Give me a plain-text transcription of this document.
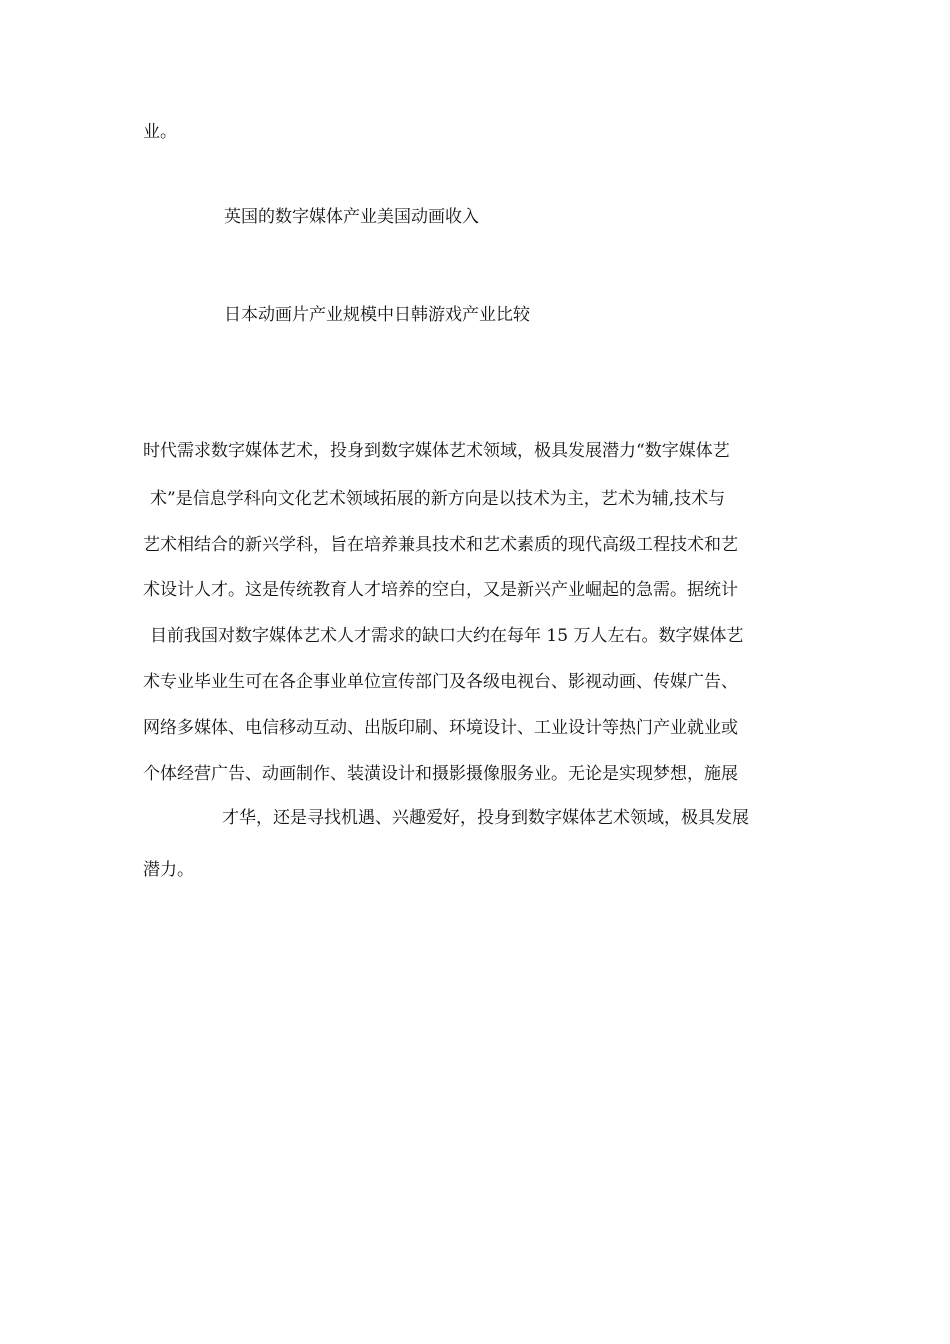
业。
英国的数字媒体产业美国动画收入
日本动画片产业规模中日韩游戏产业比较
时代需求数字媒体艺术，投身到数字媒体艺术领域，极具发展潜力“数字媒体艺
术”是信息学科向文化艺术领域拓展的新方向是以技术为主，艺术为辅,技术与
艺术相结合的新兴学科，旨在培养兼具技术和艺术素质的现代高级工程技术和艺
术设计人才。这是传统教育人才培养的空白，又是新兴产业崛起的急需。据统计
目前我国对数字媒体艺术人才需求的缺口大约在每年 15 万人左右。数字媒体艺
术专业毕业生可在各企事业单位宣传部门及各级电视台、影视动画、传媒广告、
网络多媒体、电信移动互动、出版印刷、环境设计、工业设计等热门产业就业或
个体经营广告、动画制作、装潢设计和摄影摄像服务业。无论是实现梦想，施展
才华，还是寻找机遇、兴趣爱好，投身到数字媒体艺术领域，极具发展
潜力。
